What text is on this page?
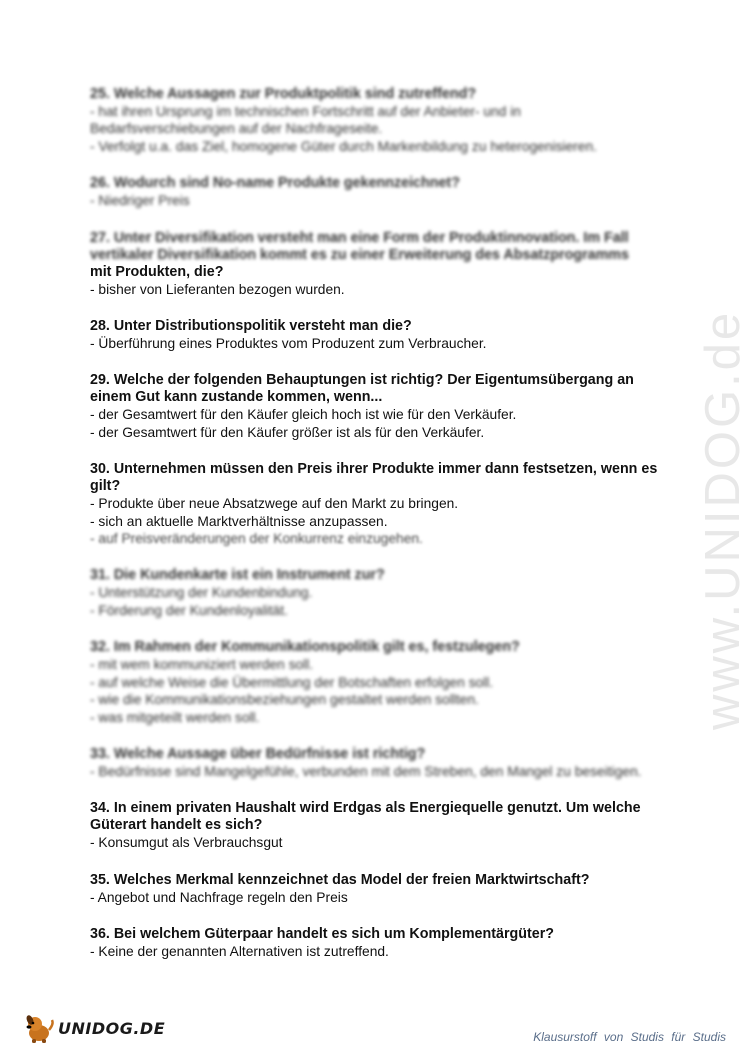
www.UNIDOG.de

25. Welche Aussagen zur Produktpolitik sind zutreffend?

- hat ihren Ursprung im technischen Fortschritt auf der Anbieter- und in Bedarfsverschiebungen auf der Nachfrageseite.

- Verfolgt u.a. das Ziel, homogene Güter durch Markenbildung zu heterogenisieren.

26. Wodurch sind No-name Produkte gekennzeichnet?

- Niedriger Preis

27. Unter Diversifikation versteht man eine Form der Produktinnovation. Im Fall vertikaler Diversifikation kommt es zu einer Erweiterung des Absatzprogramms

mit Produkten, die?

- bisher von Lieferanten bezogen wurden.

28. Unter Distributionspolitik versteht man die?

- Überführung eines Produktes vom Produzent zum Verbraucher.

29. Welche der folgenden Behauptungen ist richtig? Der Eigentumsübergang an einem Gut kann zustande kommen, wenn...

- der Gesamtwert für den Käufer gleich hoch ist wie für den Verkäufer.

- der Gesamtwert für den Käufer größer ist als für den Verkäufer.

30. Unternehmen müssen den Preis ihrer Produkte immer dann festsetzen, wenn es gilt?

- Produkte über neue Absatzwege auf den Markt zu bringen.

- sich an aktuelle Marktverhältnisse anzupassen.

- auf Preisveränderungen der Konkurrenz einzugehen.

31. Die Kundenkarte ist ein Instrument zur?

- Unterstützung der Kundenbindung.

- Förderung der Kundenloyalität.

32. Im Rahmen der Kommunikationspolitik gilt es, festzulegen?

- mit wem kommuniziert werden soll.

- auf welche Weise die Übermittlung der Botschaften erfolgen soll.

- wie die Kommunikationsbeziehungen gestaltet werden sollten.

- was mitgeteilt werden soll.

33. Welche Aussage über Bedürfnisse ist richtig?

- Bedürfnisse sind Mangelgefühle, verbunden mit dem Streben, den Mangel zu beseitigen.

34. In einem privaten Haushalt wird Erdgas als Energiequelle genutzt. Um welche Güterart handelt es sich?

- Konsumgut als Verbrauchsgut

35. Welches Merkmal kennzeichnet das Model der freien Marktwirtschaft?

- Angebot und Nachfrage regeln den Preis

36. Bei welchem Güterpaar handelt es sich um Komplementärgüter?

- Keine der genannten Alternativen ist zutreffend.

UNIDOG.DE	Klausurstoff von Studis für Studis
